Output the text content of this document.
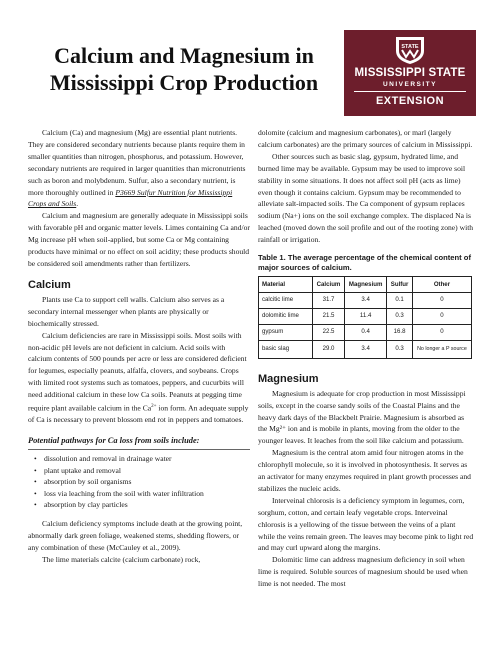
Calcium and Magnesium in Mississippi Crop Production
STATE
MISSISSIPPI STATE
UNIVERSITY
EXTENSION

Calcium (Ca) and magnesium (Mg) are essential plant nutrients. They are considered secondary nutrients because plants require them in smaller quantities than nitrogen, phosphorus, and potassium. However, secondary nutrients are required in larger quantities than micronutrients such as boron and molybdenum. Sulfur, also a secondary nutrient, is more thoroughly outlined in P3669 Sulfur Nutrition for Mississippi Crops and Soils.

Calcium and magnesium are generally adequate in Mississippi soils with favorable pH and organic matter levels. Limes containing Ca and/or Mg increase pH when soil-applied, but some Ca or Mg containing products have minimal or no effect on soil acidity; these products should be considered soil amendments rather than fertilizers.

Calcium

Plants use Ca to support cell walls. Calcium also serves as a secondary internal messenger when plants are physically or biochemically stressed.

Calcium deficiencies are rare in Mississippi soils. Most soils with non-acidic pH levels are not deficient in calcium. Acid soils with calcium contents of 500 pounds per acre or less are considered deficient for legumes, especially peanuts, alfalfa, clovers, and soybeans. Crops with limited root systems such as tomatoes, peppers, and cucurbits will need additional calcium in these low Ca soils. Peanuts at pegging time require plant available calcium in the $Ca^{2+}$ ion form. An adequate supply of Ca is necessary to prevent blossom end rot in peppers and tomatoes.

Potential pathways for Ca loss from soils include:
• dissolution and removal in drainage water
• plant uptake and removal
• absorption by soil organisms
• loss via leaching from the soil with water infiltration
• absorption by clay particles

Calcium deficiency symptoms include death at the growing point, abnormally dark green foliage, weakened stems, shedding flowers, or any combination of these (McCauley et al., 2009).

The lime materials calcite (calcium carbonate) rock,

dolomite (calcium and magnesium carbonates), or marl (largely calcium carbonates) are the primary sources of calcium in Mississippi.

Other sources such as basic slag, gypsum, hydrated lime, and burned lime may be available. Gypsum may be used to improve soil stability in some situations. It does not affect soil pH (acts as lime) even though it contains calcium. Gypsum may be recommended to alleviate salt-impacted soils. The Ca component of gypsum replaces sodium (Na+) ions on the soil exchange complex. The displaced Na is leached (moved down the soil profile and out of the rooting zone) with rainfall or irrigation.

Table 1. The average percentage of the chemical content of major sources of calcium.
Material	Calcium	Magnesium	Sulfur	Other
calcitic lime	31.7	3.4	0.1	0
dolomitic lime	21.5	11.4	0.3	0
gypsum	22.5	0.4	16.8	0
basic slag	29.0	3.4	0.3	No longer a P source
Magnesium

Magnesium is adequate for crop production in most Mississippi soils, except in the coarse sandy soils of the Coastal Plains and the heavy dark days of the Blackbelt Prairie. Magnesium is absorbed as the Mg²⁺ ion and is mobile in plants, moving from the older to the younger leaves. It leaches from the soil like calcium and potassium.

Magnesium is the central atom amid four nitrogen atoms in the chlorophyll molecule, so it is involved in photosynthesis. It serves as an activator for many enzymes required in plant growth processes and stabilizes the nucleic acids.

Interveinal chlorosis is a deficiency symptom in legumes, corn, sorghum, cotton, and certain leafy vegetable crops. Interveinal chlorosis is a yellowing of the tissue between the veins of a plant while the veins remain green. The leaves may become pink to light red and may curl upward along the margins.

Dolomitic lime can address magnesium deficiency in soil when lime is required. Soluble sources of magnesium should be used when lime is not needed. The most
